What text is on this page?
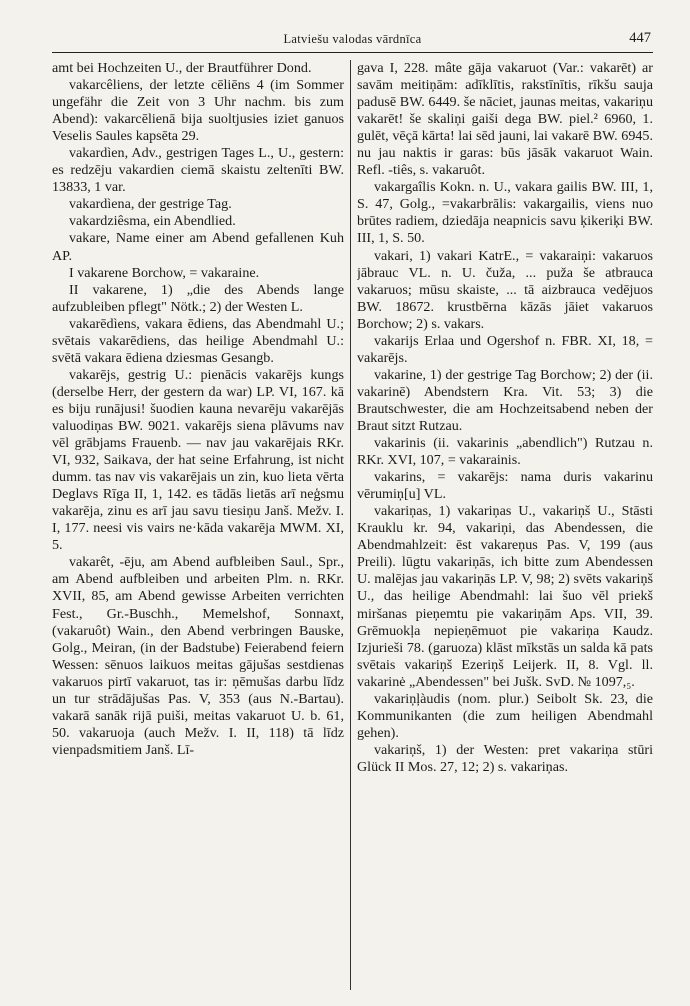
Latviešu valodas vārdnīca	447

amt bei Hochzeiten U., der Brautführer Dond.

vakarcêliens, der letzte cēliēns 4 (im Sommer ungefähr die Zeit von 3 Uhr nachm. bis zum Abend): vakarcēlienā bija suoltjusies iziet ganuos Veselis Saules kapsēta 29.

vakardìen, Adv., gestrigen Tages L., U., gestern: es redzēju vakardien ciemā skaistu zeltenīti BW. 13833, 1 var.

vakardìena, der gestrige Tag.

vakardziêsma, ein Abendlied.

vakare, Name einer am Abend gefallenen Kuh AP.

I vakarene Borchow, = vakaraine.

II vakarene, 1) „die des Abends lange aufzubleiben pflegt" Nötk.; 2) der Westen L.

vakarēdìens, vakara ēdiens, das Abendmahl U.; svētais vakarēdiens, das heilige Abendmahl U.: svētā vakara ēdiena dziesmas Gesangb.

vakarējs, gestrig U.: pienācis vakarējs kungs (derselbe Herr, der gestern da war) LP. VI, 167. kā es biju runājusi! šuodien kauna nevarēju vakarējās valuodiņas BW. 9021. vakarējs siena plāvums nav vēl grābjams Frauenb. — nav jau vakarējais RKr. VI, 932, Saikava, der hat seine Erfahrung, ist nicht dumm. tas nav vis vakarējais un zin, kuo lieta vērta Deglavs Rīga II, 1, 142. es tādās lietās arī neģsmu vakarēja, zinu es arī jau savu tiesiņu Janš. Mežv. I. I, 177. neesi vis vairs ne·kāda vakarēja MWM. XI, 5.

vakarêt, -ēju, am Abend aufbleiben Saul., Spr., am Abend aufbleiben und arbeiten Plm. n. RKr. XVII, 85, am Abend gewisse Arbeiten verrichten Fest., Gr.-Buschh., Memelshof, Sonnaxt, (vakaruôt) Wain., den Abend verbringen Bauske, Golg., Meiran, (in der Badstube) Feierabend feiern Wessen: sēnuos laikuos meitas gājušas sestdienas vakaruos pirtī vakaruot, tas ir: ņēmušas darbu līdz un tur strādājušas Pas. V, 353 (aus N.-Bartau). vakarā sanāk rijā puiši, meitas vakaruot U. b. 61, 50. vakaruoja (auch Mežv. I. II, 118) tā līdz vienpadsmitiem Janš. Lī-

gava I, 228. mâte gāja vakaruot (Var.: vakarēt) ar savām meitiņām: adīklītis, rakstīnītis, rīkšu sauja padusē BW. 6449. še nāciet, jaunas meitas, vakariņu vakarēt! še skaliņi gaiši dega BW. piel.² 6960, 1. gulēt, vēçā kārta! lai sēd jauni, lai vakarē BW. 6945. nu jau naktis ir garas: būs jāsāk vakaruot Wain. Refl. -tiês, s. vakaruôt.

vakargaîlis Kokn. n. U., vakara gailis BW. III, 1, S. 47, Golg., =vakarbrālis: vakargailis, viens nuo brūtes radiem, dziedāja neapnicis savu ķikeriķi BW. III, 1, S. 50.

vakari, 1) vakari KatrE., = vakaraiņi: vakaruos jābrauc VL. n. U. čuža, ... puža še atbrauca vakaruos; mūsu skaiste, ... tā aizbrauca vedējuos BW. 18672. krustbērna kāzās jāiet vakaruos Borchow; 2) s. vakars.

vakarijs Erlaa und Ogershof n. FBR. XI, 18, = vakarējs.

vakarine, 1) der gestrige Tag Borchow; 2) der (ii. vakarinē) Abendstern Kra. Vit. 53; 3) die Brautschwester, die am Hochzeitsabend neben der Braut sitzt Rutzau.

vakarinis (ii. vakarinis „abendlich") Rutzau n. RKr. XVI, 107, = vakarainis.

vakarins, = vakarējs: nama duris vakarinu vērumiņ[u] VL.

vakariņas, 1) vakariņas U., vakariņš U., Stāsti Krauklu kr. 94, vakariņi, das Abendessen, die Abendmahlzeit: ēst vakareņus Pas. V, 199 (aus Preili). lūgtu vakariņās, ich bitte zum Abendessen U. malējas jau vakariņās LP. V, 98; 2) svēts vakariņš U., das heilige Abendmahl: lai šuo vēl priekš miršanas pieņemtu pie vakariņām Aps. VII, 39. Grēmuokļa nepieņēmuot pie vakariņa Kaudz. Izjurieši 78. (garuoza) klāst mīkstās un salda kā pats svētais vakariņš Ezeriņš Leijerk. II, 8. Vgl. ll. vakarinė „Abendessen" bei Jušk. SvD. № 1097,₅.

vakariņļàudis (nom. plur.) Seibolt Sk. 23, die Kommunikanten (die zum heiligen Abendmahl gehen).

vakariņš, 1) der Westen: pret vakariņa stūri Glück II Mos. 27, 12; 2) s. vakariņas.
